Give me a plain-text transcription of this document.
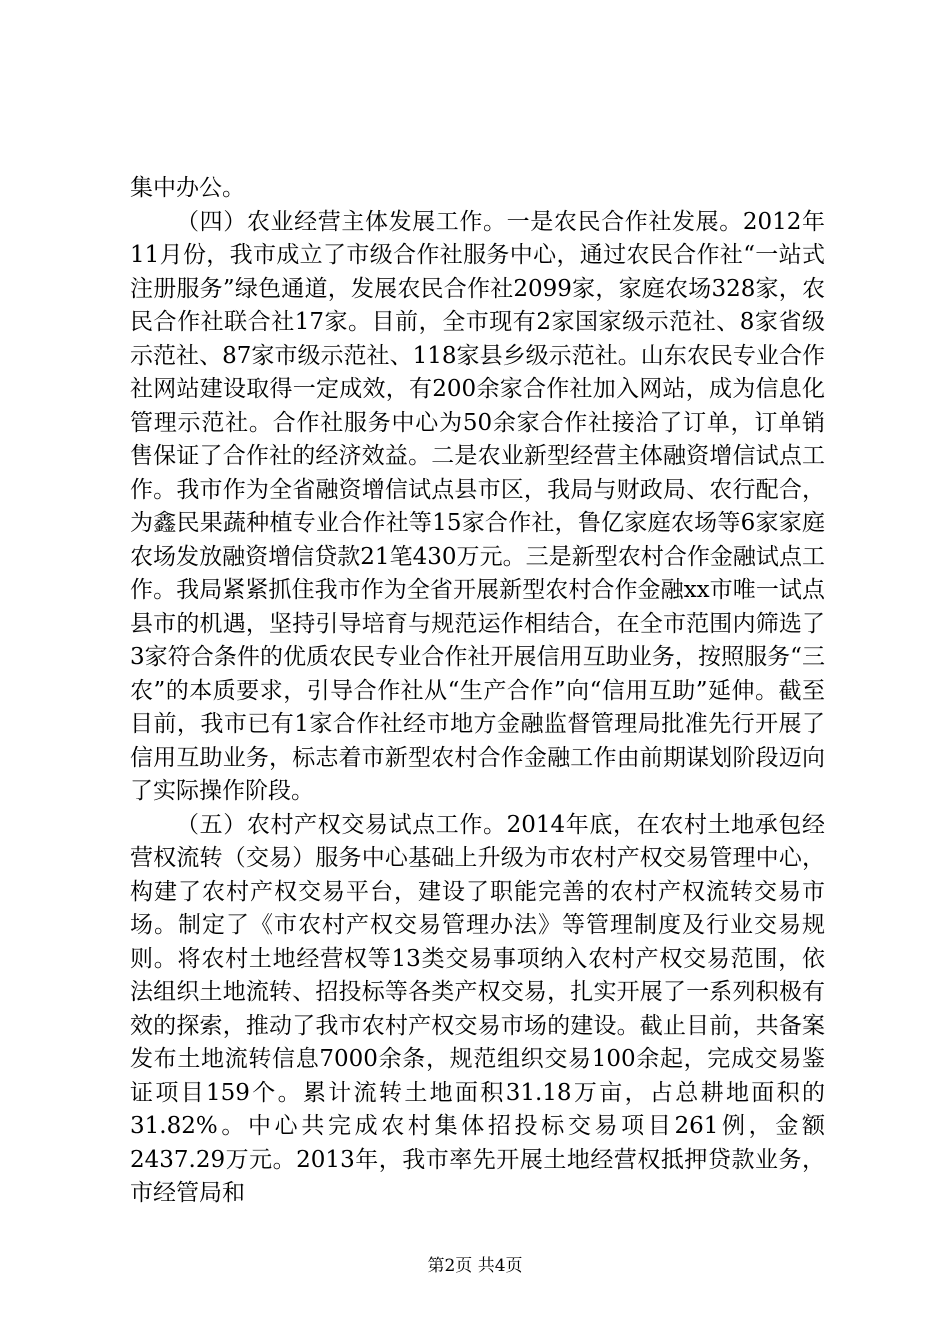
集中办公。

（四）农业经营主体发展工作。一是农民合作社发展。2012年11月份，我市成立了市级合作社服务中心，通过农民合作社“一站式注册服务”绿色通道，发展农民合作社2099家，家庭农场328家，农民合作社联合社17家。目前，全市现有2家国家级示范社、8家省级示范社、87家市级示范社、118家县乡级示范社。山东农民专业合作社网站建设取得一定成效，有200余家合作社加入网站，成为信息化管理示范社。合作社服务中心为50余家合作社接洽了订单，订单销售保证了合作社的经济效益。二是农业新型经营主体融资增信试点工作。我市作为全省融资增信试点县市区，我局与财政局、农行配合，为鑫民果蔬种植专业合作社等15家合作社，鲁亿家庭农场等6家家庭农场发放融资增信贷款21笔430万元。三是新型农村合作金融试点工作。我局紧紧抓住我市作为全省开展新型农村合作金融xx市唯一试点县市的机遇，坚持引导培育与规范运作相结合，在全市范围内筛选了3家符合条件的优质农民专业合作社开展信用互助业务，按照服务“三农”的本质要求，引导合作社从“生产合作”向“信用互助”延伸。截至目前，我市已有1家合作社经市地方金融监督管理局批准先行开展了信用互助业务，标志着市新型农村合作金融工作由前期谋划阶段迈向了实际操作阶段。

（五）农村产权交易试点工作。2014年底，在农村土地承包经营权流转（交易）服务中心基础上升级为市农村产权交易管理中心，构建了农村产权交易平台，建设了职能完善的农村产权流转交易市场。制定了《市农村产权交易管理办法》等管理制度及行业交易规则。将农村土地经营权等13类交易事项纳入农村产权交易范围，依法组织土地流转、招投标等各类产权交易，扎实开展了一系列积极有效的探索，推动了我市农村产权交易市场的建设。截止目前，共备案发布土地流转信息7000余条，规范组织交易100余起，完成交易鉴证项目159个。累计流转土地面积31.18万亩，占总耕地面积的31.82%。中心共完成农村集体招投标交易项目261例，金额2437.29万元。2013年，我市率先开展土地经营权抵押贷款业务，市经管局和

第2页 共4页
